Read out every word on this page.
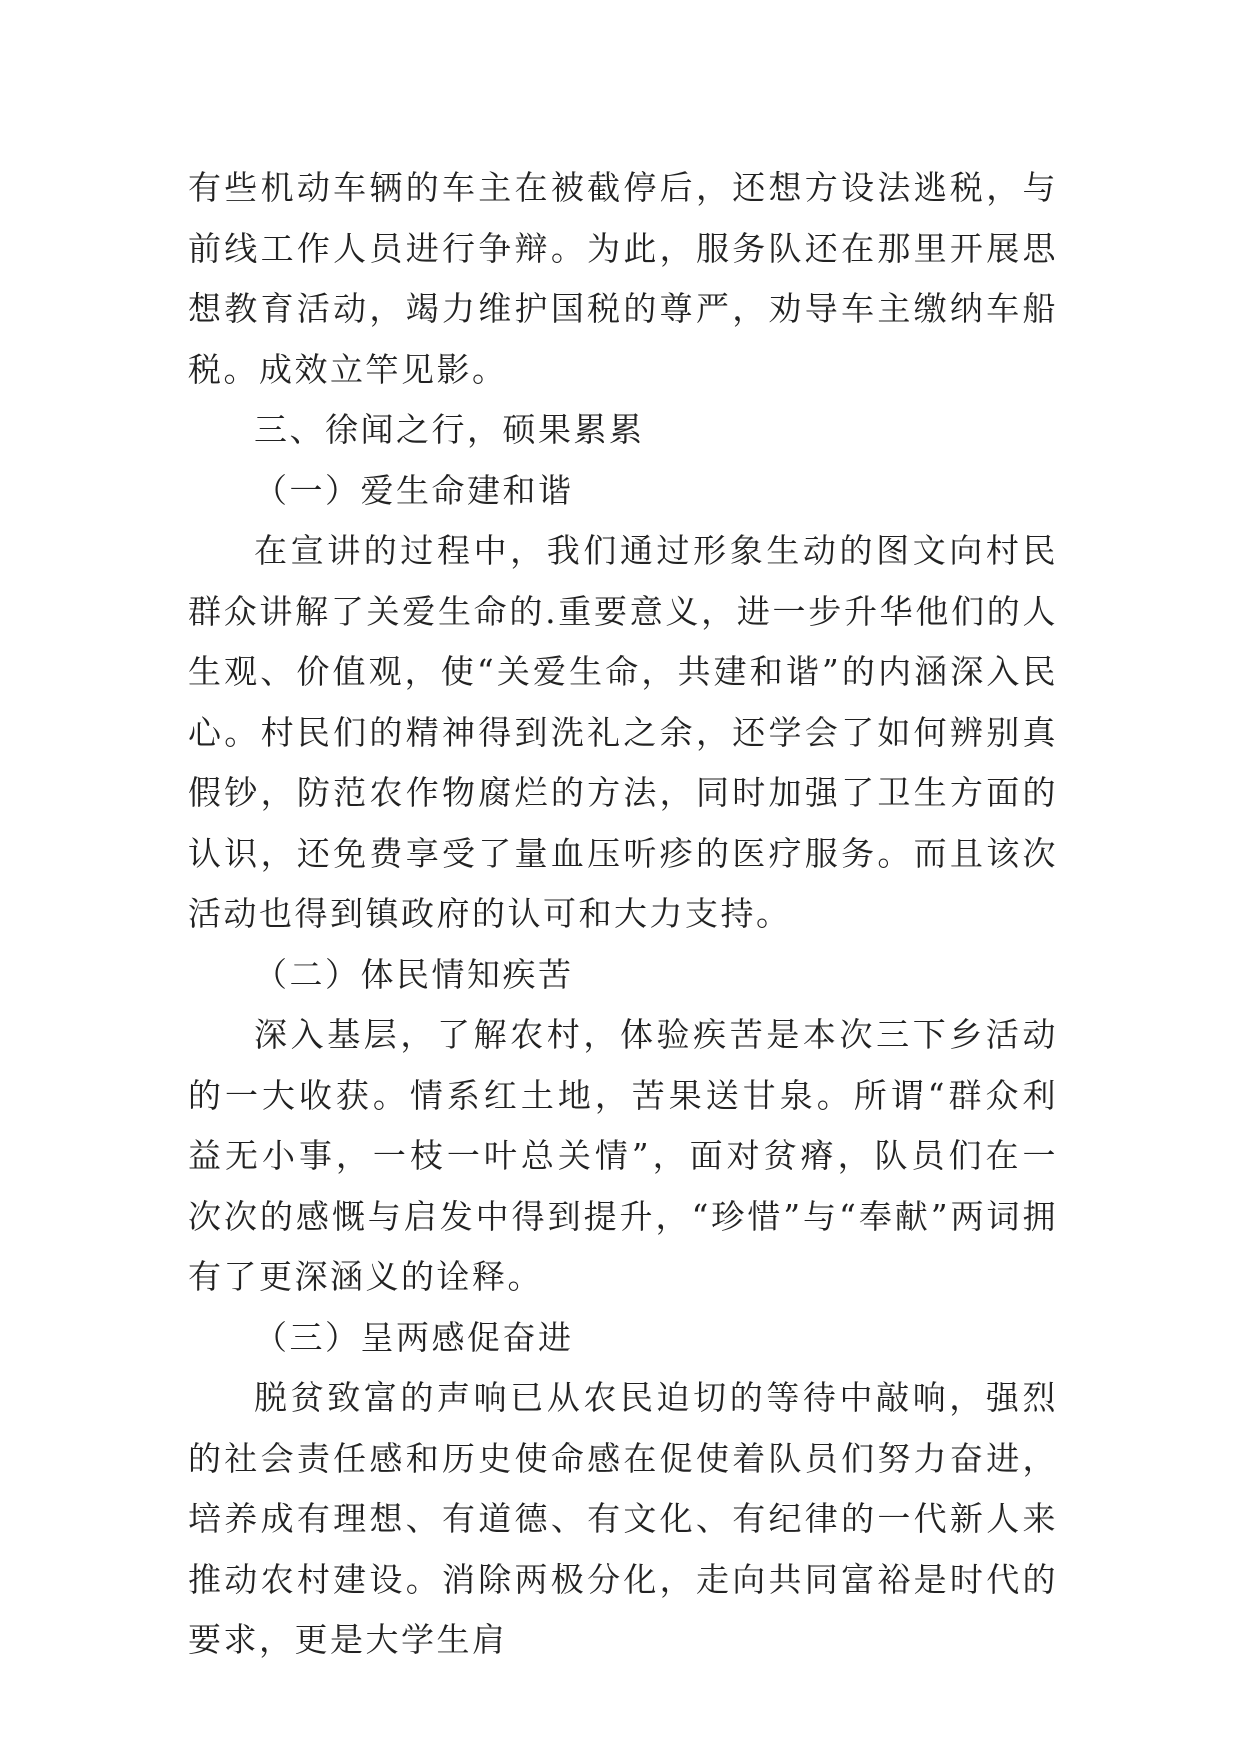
有些机动车辆的车主在被截停后，还想方设法逃税，与前线工作人员进行争辩。为此，服务队还在那里开展思想教育活动，竭力维护国税的尊严，劝导车主缴纳车船税。成效立竿见影。

三、徐闻之行，硕果累累

（一）爱生命建和谐

在宣讲的过程中，我们通过形象生动的图文向村民群众讲解了关爱生命的.重要意义，进一步升华他们的人生观、价值观，使“关爱生命，共建和谐”的内涵深入民心。村民们的精神得到洗礼之余，还学会了如何辨别真假钞，防范农作物腐烂的方法，同时加强了卫生方面的认识，还免费享受了量血压听疹的医疗服务。而且该次活动也得到镇政府的认可和大力支持。

（二）体民情知疾苦

深入基层，了解农村，体验疾苦是本次三下乡活动的一大收获。情系红土地，苦果送甘泉。所谓“群众利益无小事，一枝一叶总关情”，面对贫瘠，队员们在一次次的感慨与启发中得到提升，“珍惜”与“奉献”两词拥有了更深涵义的诠释。

（三）呈两感促奋进

脱贫致富的声响已从农民迫切的等待中敲响，强烈的社会责任感和历史使命感在促使着队员们努力奋进，培养成有理想、有道德、有文化、有纪律的一代新人来推动农村建设。消除两极分化，走向共同富裕是时代的要求，更是大学生肩
